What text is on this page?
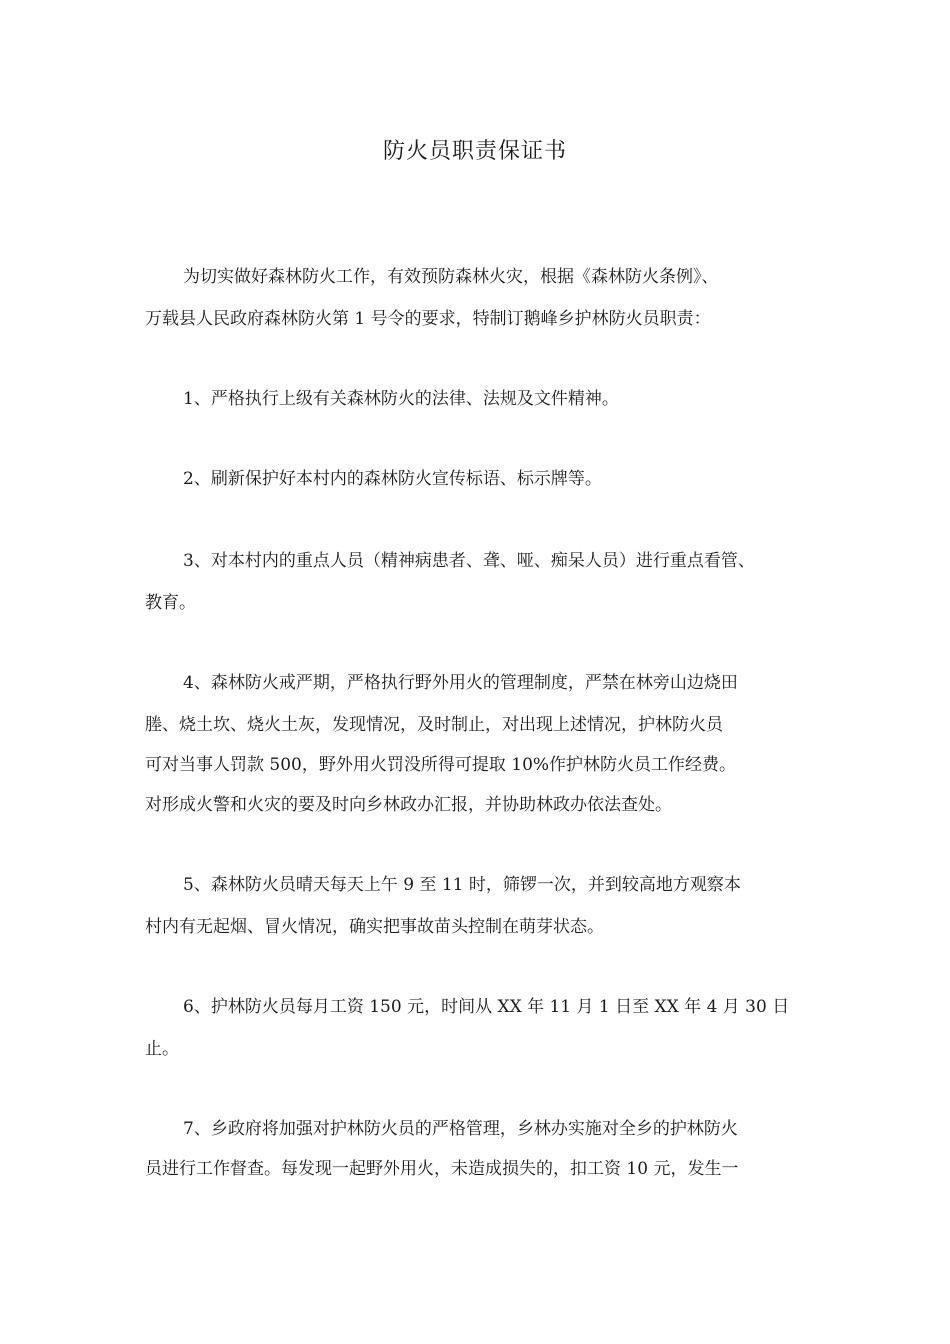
防火员职责保证书
为切实做好森林防火工作，有效预防森林火灾，根据《森林防火条例》、
万载县人民政府森林防火第 1 号令的要求，特制订鹅峰乡护林防火员职责：
1、严格执行上级有关森林防火的法律、法规及文件精神。
2、刷新保护好本村内的森林防火宣传标语、标示牌等。
3、对本村内的重点人员（精神病患者、聋、哑、痴呆人员）进行重点看管、
教育。
4、森林防火戒严期，严格执行野外用火的管理制度，严禁在林旁山边烧田
塍、烧土坎、烧火土灰，发现情况，及时制止，对出现上述情况，护林防火员
可对当事人罚款 500，野外用火罚没所得可提取 10%作护林防火员工作经费。
对形成火警和火灾的要及时向乡林政办汇报，并协助林政办依法查处。
5、森林防火员晴天每天上午 9 至 11 时，筛锣一次，并到较高地方观察本
村内有无起烟、冒火情况，确实把事故苗头控制在萌芽状态。
6、护林防火员每月工资 150 元，时间从 XX 年 11 月 1 日至 XX 年 4 月 30 日
止。
7、乡政府将加强对护林防火员的严格管理，乡林办实施对全乡的护林防火
员进行工作督查。每发现一起野外用火，未造成损失的，扣工资 10 元，发生一
